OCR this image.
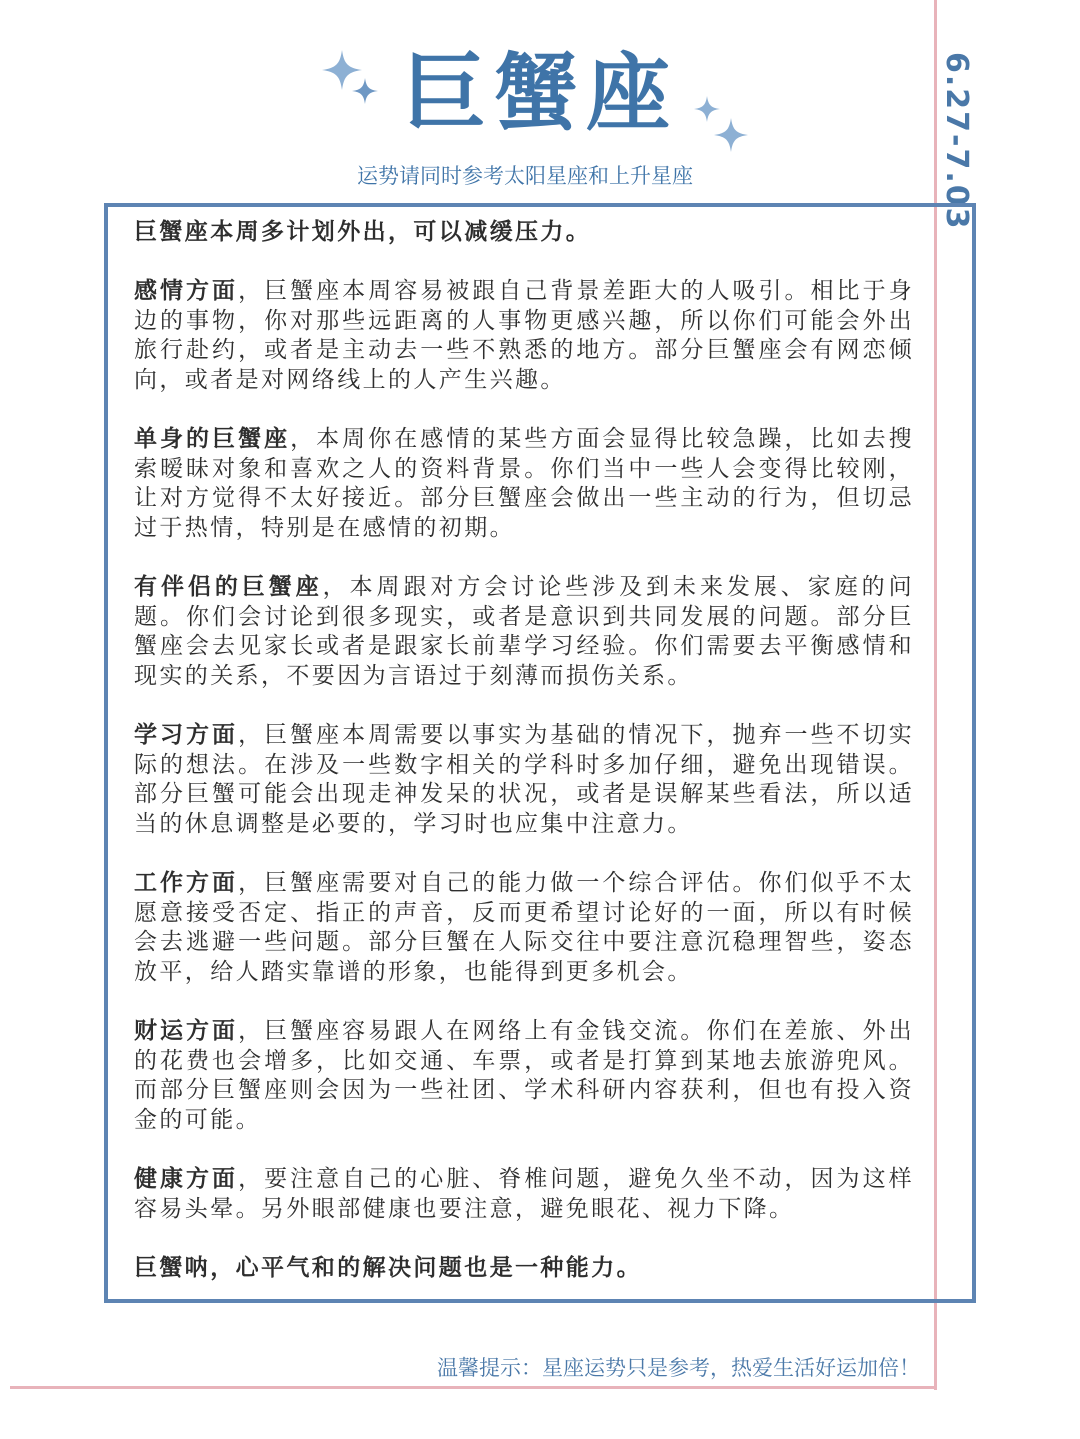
6.27-7.03
巨蟹座
运势请同时参考太阳星座和上升星座

巨蟹座本周多计划外出，可以减缓压力。

感情方面，巨蟹座本周容易被跟自己背景差距大的人吸引。相比于身边的事物，你对那些远距离的人事物更感兴趣，所以你们可能会外出旅行赴约，或者是主动去一些不熟悉的地方。部分巨蟹座会有网恋倾向，或者是对网络线上的人产生兴趣。

单身的巨蟹座，本周你在感情的某些方面会显得比较急躁，比如去搜索暧昧对象和喜欢之人的资料背景。你们当中一些人会变得比较刚，让对方觉得不太好接近。部分巨蟹座会做出一些主动的行为，但切忌过于热情，特别是在感情的初期。

有伴侣的巨蟹座，本周跟对方会讨论些涉及到未来发展、家庭的问题。你们会讨论到很多现实，或者是意识到共同发展的问题。部分巨蟹座会去见家长或者是跟家长前辈学习经验。你们需要去平衡感情和现实的关系，不要因为言语过于刻薄而损伤关系。

学习方面，巨蟹座本周需要以事实为基础的情况下，抛弃一些不切实际的想法。在涉及一些数字相关的学科时多加仔细，避免出现错误。部分巨蟹可能会出现走神发呆的状况，或者是误解某些看法，所以适当的休息调整是必要的，学习时也应集中注意力。

工作方面，巨蟹座需要对自己的能力做一个综合评估。你们似乎不太愿意接受否定、指正的声音，反而更希望讨论好的一面，所以有时候会去逃避一些问题。部分巨蟹在人际交往中要注意沉稳理智些，姿态放平，给人踏实靠谱的形象，也能得到更多机会。

财运方面，巨蟹座容易跟人在网络上有金钱交流。你们在差旅、外出的花费也会增多，比如交通、车票，或者是打算到某地去旅游兜风。而部分巨蟹座则会因为一些社团、学术科研内容获利，但也有投入资金的可能。

健康方面，要注意自己的心脏、脊椎问题，避免久坐不动，因为这样容易头晕。另外眼部健康也要注意，避免眼花、视力下降。

巨蟹呐，心平气和的解决问题也是一种能力。

温馨提示：星座运势只是参考，热爱生活好运加倍！
